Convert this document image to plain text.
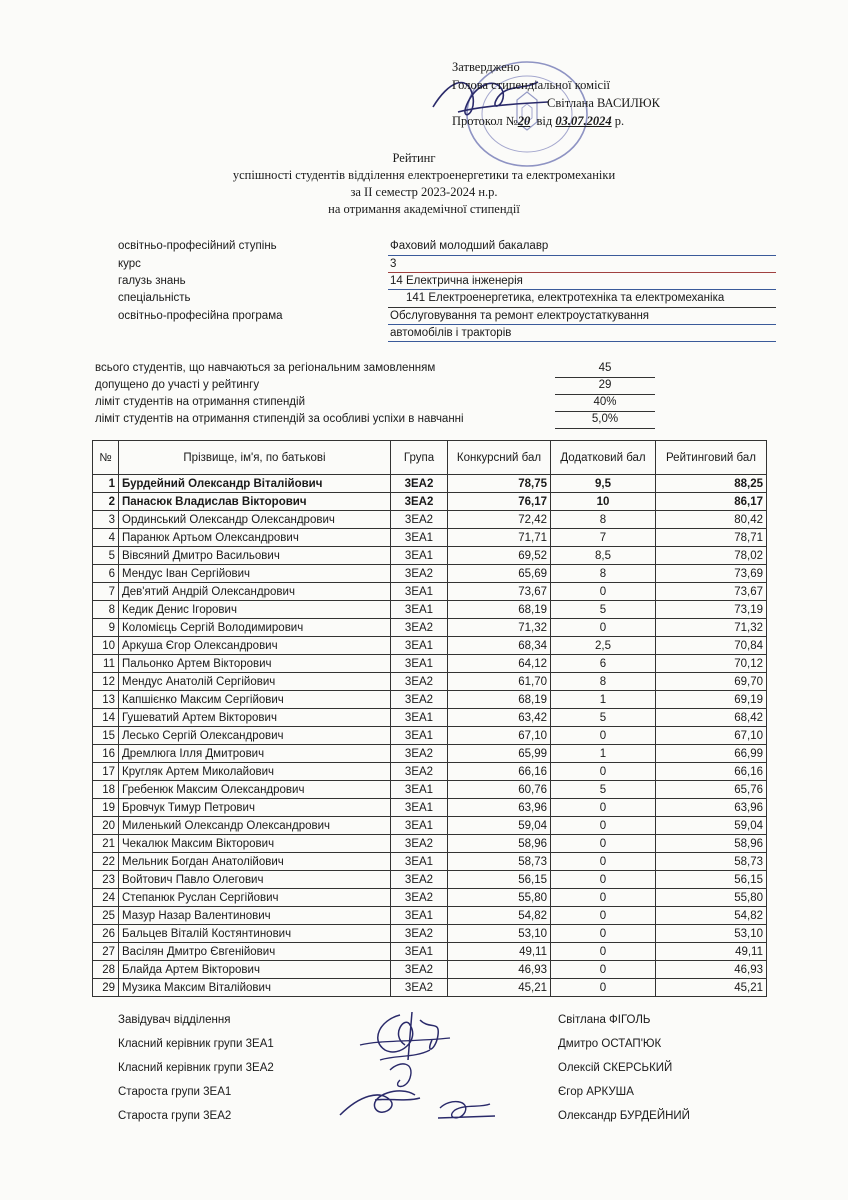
Затверджено
Голова стипендіальної комісії
Світлана ВАСИЛЮК
Протокол №20 від 03.07.2024 р.
Рейтинг
успішності студентів відділення електроенергетики та електромеханіки
за ІІ семестр 2023-2024 н.р.
на отримання академічної стипендії
освітньо-професійний ступінь	Фаховий молодший бакалавр
курс	3
галузь знань	14 Електрична інженерія
спеціальність	141 Електроенергетика, електротехніка та електромеханіка
освітньо-професійна програма	Обслуговування та ремонт електроустаткування
автомобілів і тракторів
всього студентів, що навчаються за регіональним замовленням	45
допущено до участі у рейтингу	29
ліміт студентів на отримання стипендій	40%
ліміт студентів на отримання стипендій за особливі успіхи в навчанні	5,0%
№	Прізвище, ім'я, по батькові	Група	Конкурсний бал	Додатковий бал	Рейтинговий бал
1	Бурдейний Олександр Віталійович	3ЕА2	78,75	9,5	88,25
2	Панасюк Владислав Вікторович	3ЕА2	76,17	10	86,17
3	Ординський Олександр Олександрович	3ЕА2	72,42	8	80,42
4	Паранюк Артьом Олександрович	3ЕА1	71,71	7	78,71
5	Вівсяний Дмитро Васильович	3ЕА1	69,52	8,5	78,02
6	Мендус Іван Сергійович	3ЕА2	65,69	8	73,69
7	Дев'ятий Андрій Олександрович	3ЕА1	73,67	0	73,67
8	Кедик Денис Ігорович	3ЕА1	68,19	5	73,19
9	Коломієць Сергій Володимирович	3ЕА2	71,32	0	71,32
10	Аркуша Єгор Олександрович	3ЕА1	68,34	2,5	70,84
11	Пальонко Артем Вікторович	3ЕА1	64,12	6	70,12
12	Мендус Анатолій Сергійович	3ЕА2	61,70	8	69,70
13	Капшієнко Максим Сергійович	3ЕА2	68,19	1	69,19
14	Гушеватий Артем Вікторович	3ЕА1	63,42	5	68,42
15	Лесько Сергій Олександрович	3ЕА1	67,10	0	67,10
16	Дремлюга Ілля Дмитрович	3ЕА2	65,99	1	66,99
17	Кругляк Артем Миколайович	3ЕА2	66,16	0	66,16
18	Гребенюк Максим Олександрович	3ЕА1	60,76	5	65,76
19	Бровчук Тимур Петрович	3ЕА1	63,96	0	63,96
20	Миленький Олександр Олександрович	3ЕА1	59,04	0	59,04
21	Чекалюк Максим Вікторович	3ЕА2	58,96	0	58,96
22	Мельник Богдан Анатолійович	3ЕА1	58,73	0	58,73
23	Войтович Павло Олегович	3ЕА2	56,15	0	56,15
24	Степанюк Руслан Сергійович	3ЕА2	55,80	0	55,80
25	Мазур Назар Валентинович	3ЕА1	54,82	0	54,82
26	Бальцев Віталій Костянтинович	3ЕА2	53,10	0	53,10
27	Васілян Дмитро Євгенійович	3ЕА1	49,11	0	49,11
28	Блайда Артем Вікторович	3ЕА2	46,93	0	46,93
29	Музика Максим Віталійович	3ЕА2	45,21	0	45,21
Завідувач відділення	Світлана ФІГОЛЬ
Класний керівник групи 3ЕА1	Дмитро ОСТАП'ЮК
Класний керівник групи 3ЕА2	Олексій СКЕРСЬКИЙ
Староста групи 3ЕА1	Єгор АРКУША
Староста групи 3ЕА2	Олександр БУРДЕЙНИЙ
